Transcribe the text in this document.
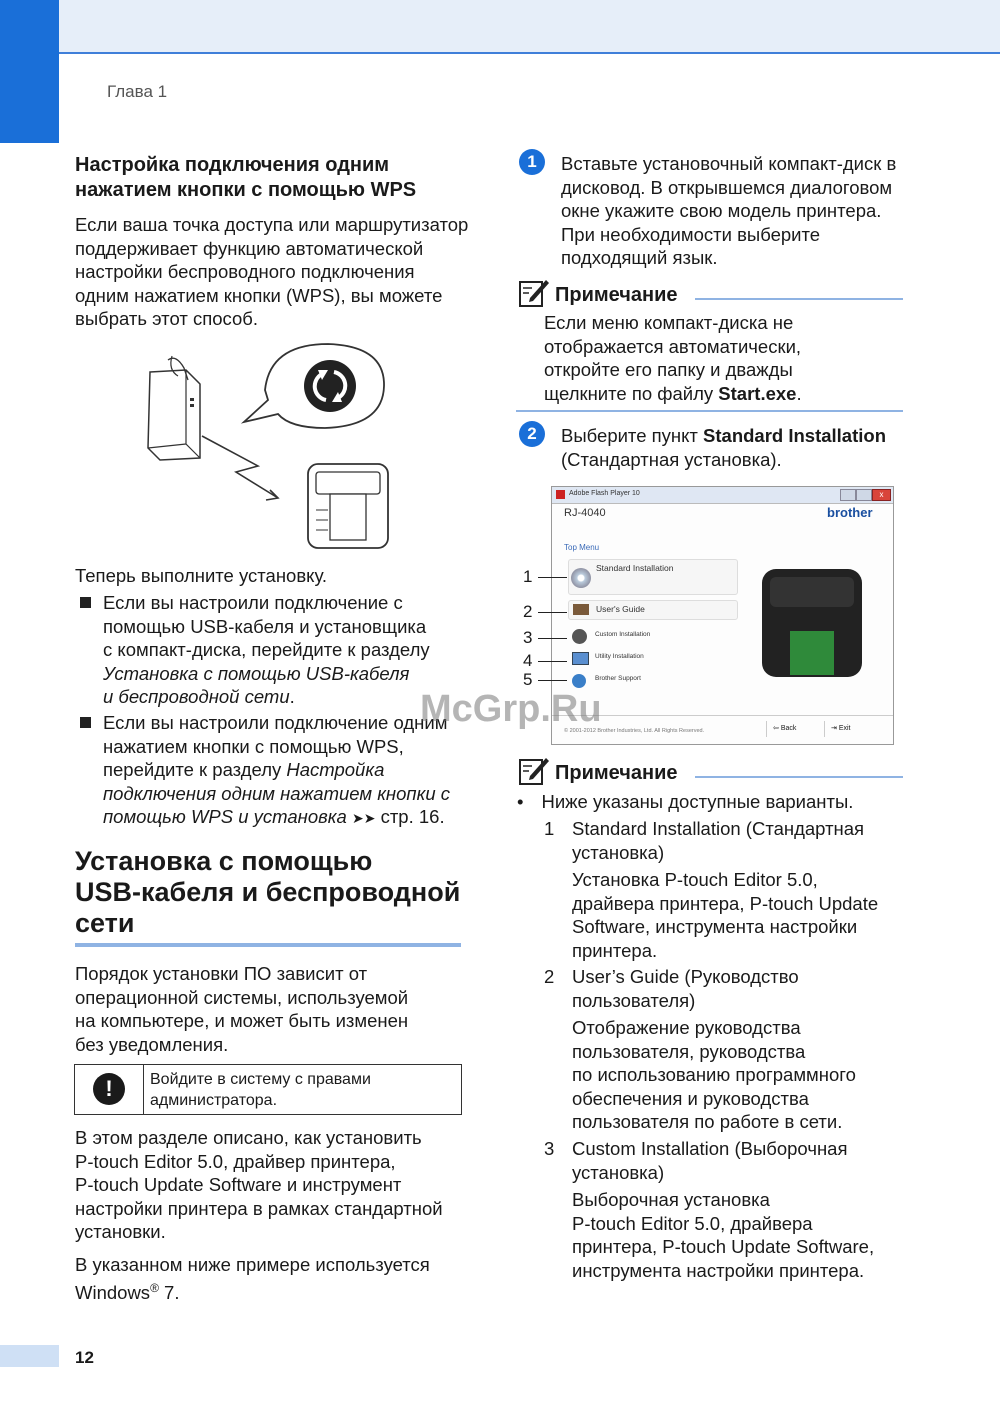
Глава 1
Настройка подключения одним
нажатием кнопки с помощью WPS
Если ваша точка доступа или маршрутизатор
поддерживает функцию автоматической
настройки беспроводного подключения
одним нажатием кнопки (WPS), вы можете
выбрать этот способ.
Теперь выполните установку.
Если вы настроили подключение с
помощью USB-кабеля и установщика
с компакт-диска, перейдите к разделу
Установка с помощью USB-кабеля
и беспроводной сети.
Если вы настроили подключение одним
нажатием кнопки с помощью WPS,
перейдите к разделу Настройка
подключения одним нажатием кнопки с
помощью WPS и установка ➤➤ стр. 16.
Установка с помощью
USB-кабеля и беспроводной
сети
Порядок установки ПО зависит от
операционной системы, используемой
на компьютере, и может быть изменен
без уведомления.
!	Войдите в систему с правами
администратора.
В этом разделе описано, как установить
P-touch Editor 5.0, драйвер принтера,
P-touch Update Software и инструмент
настройки принтера в рамках стандартной
установки.
В указанном ниже примере используется
Windows® 7.
1	Вставьте установочный компакт-диск в
дисковод. В открывшемся диалоговом
окне укажите свою модель принтера.
При необходимости выберите
подходящий язык.
Примечание
Если меню компакт-диска не
отображается автоматически,
откройте его папку и дважды
щелкните по файлу Start.exe.
2	Выберите пункт Standard Installation
(Стандартная установка).
Adobe Flash Player 10	x
RJ-4040	brother
Top Menu
Standard Installation
User's Guide
Custom Installation
Utility Installation
Brother Support
© 2001-2012 Brother Industries, Ltd. All Rights Reserved.	⇦ Back	⇥ Exit
1
2
3
4
5
Примечание
• Ниже указаны доступные варианты.
1 Standard Installation (Стандартная
установка)
Установка P-touch Editor 5.0,
драйвера принтера, P-touch Update
Software, инструмента настройки
принтера.
2 User’s Guide (Руководство
пользователя)
Отображение руководства
пользователя, руководства
по использованию программного
обеспечения и руководства
пользователя по работе в сети.
3 Custom Installation (Выборочная
установка)
Выборочная установка
P-touch Editor 5.0, драйвера
принтера, P-touch Update Software,
инструмента настройки принтера.
12
McGrp.Ru
